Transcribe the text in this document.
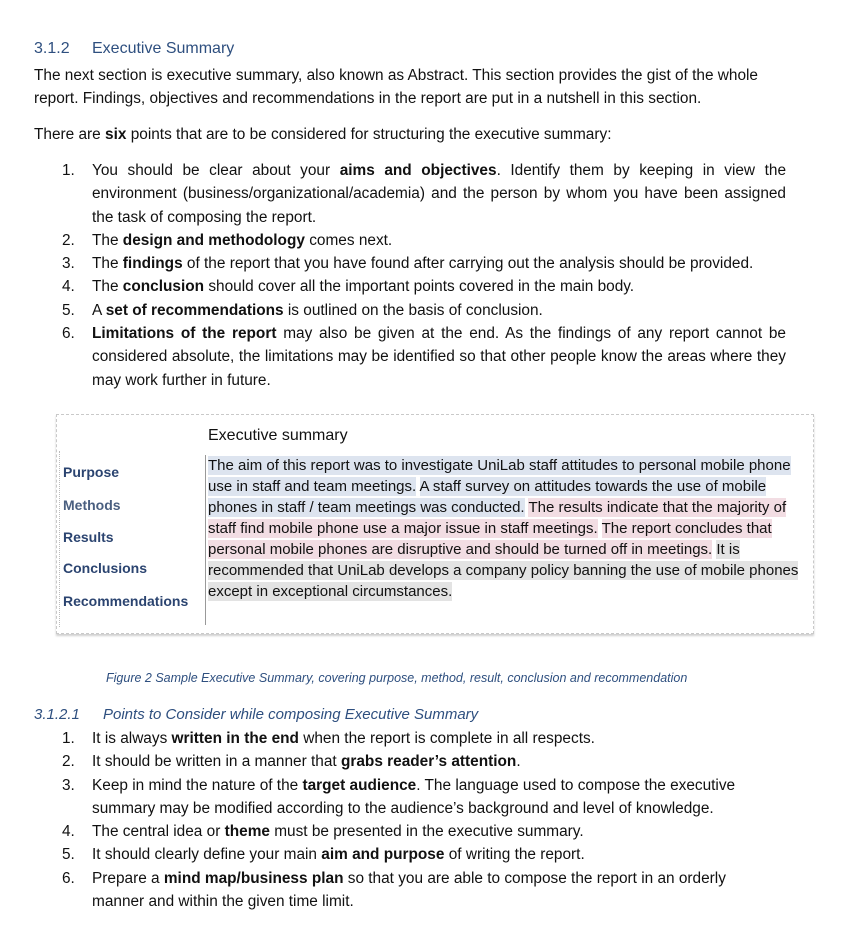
3.1.2 Executive Summary
The next section is executive summary, also known as Abstract. This section provides the gist of the whole report. Findings, objectives and recommendations in the report are put in a nutshell in this section.
There are six points that are to be considered for structuring the executive summary:
1. You should be clear about your aims and objectives. Identify them by keeping in view the environment (business/organizational/academia) and the person by whom you have been assigned the task of composing the report.
2. The design and methodology comes next.
3. The findings of the report that you have found after carrying out the analysis should be provided.
4. The conclusion should cover all the important points covered in the main body.
5. A set of recommendations is outlined on the basis of conclusion.
6. Limitations of the report may also be given at the end. As the findings of any report cannot be considered absolute, the limitations may be identified so that other people know the areas where they may work further in future.
Executive summary
Purpose
Methods
Results
Conclusions
Recommendations
The aim of this report was to investigate UniLab staff attitudes to personal mobile phone use in staff and team meetings. A staff survey on attitudes towards the use of mobile phones in staff / team meetings was conducted. The results indicate that the majority of staff find mobile phone use a major issue in staff meetings. The report concludes that personal mobile phones are disruptive and should be turned off in meetings. It is recommended that UniLab develops a company policy banning the use of mobile phones except in exceptional circumstances.
Figure 2 Sample Executive Summary, covering purpose, method, result, conclusion and recommendation
3.1.2.1 Points to Consider while composing Executive Summary
1. It is always written in the end when the report is complete in all respects.
2. It should be written in a manner that grabs reader’s attention.
3. Keep in mind the nature of the target audience. The language used to compose the executive summary may be modified according to the audience’s background and level of knowledge.
4. The central idea or theme must be presented in the executive summary.
5. It should clearly define your main aim and purpose of writing the report.
6. Prepare a mind map/business plan so that you are able to compose the report in an orderly manner and within the given time limit.
